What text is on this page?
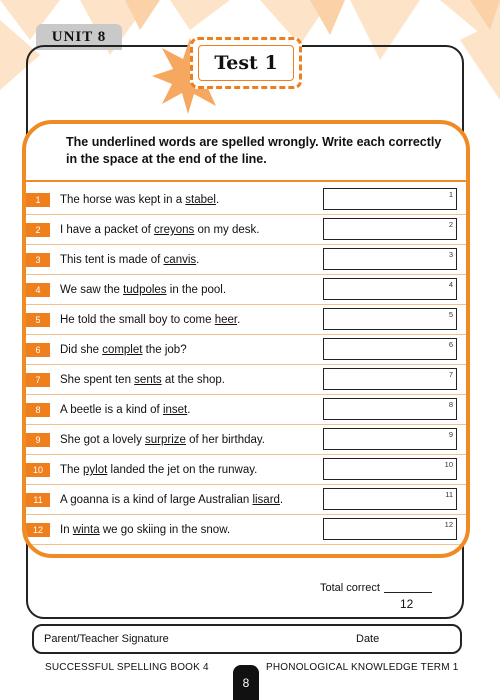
UNIT 8
Test 1
The underlined words are spelled wrongly. Write each correctly in the space at the end of the line.
1	The horse was kept in a stabel.	1
2	I have a packet of creyons on my desk.	2
3	This tent is made of canvis.	3
4	We saw the tudpoles in the pool.	4
5	He told the small boy to come heer.	5
6	Did she complet the job?	6
7	She spent ten sents at the shop.	7
8	A beetle is a kind of inset.	8
9	She got a lovely surprize of her birthday.	9
10	The pylot landed the jet on the runway.	10
11	A goanna is a kind of large Australian lisard.	11
12	In winta we go skiing in the snow.	12
Total correct
12
Parent/Teacher Signature	Date
SUCCESSFUL SPELLING BOOK 4
8
PHONOLOGICAL KNOWLEDGE TERM 1
